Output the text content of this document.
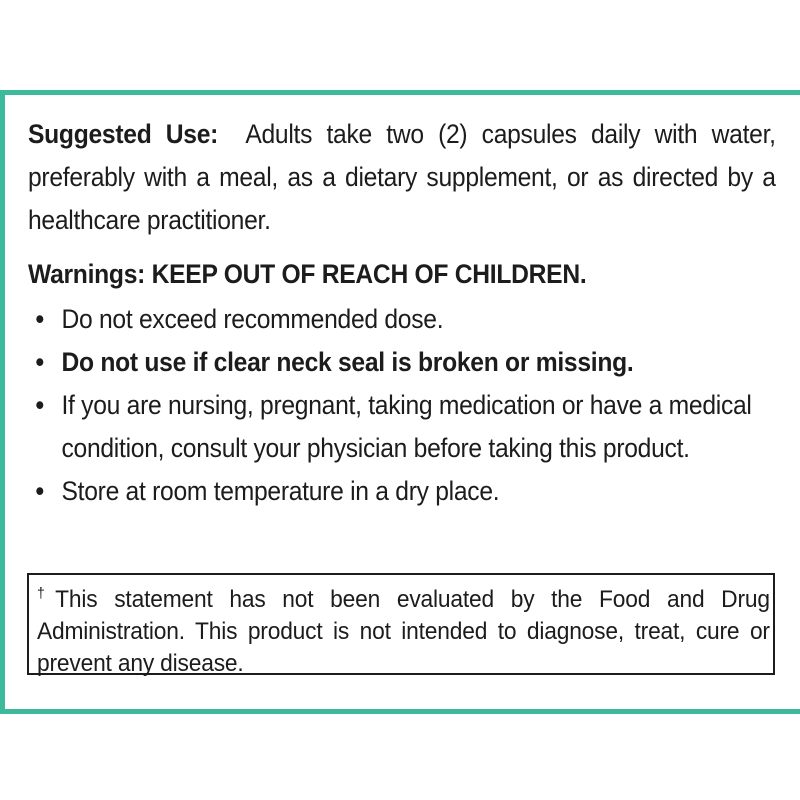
Suggested Use: Adults take two (2) capsules daily with water, preferably with a meal, as a dietary supplement, or as directed by a healthcare practitioner.
Warnings: KEEP OUT OF REACH OF CHILDREN.
• Do not exceed recommended dose.
• Do not use if clear neck seal is broken or missing.
• If you are nursing, pregnant, taking medication or have a medical condition, consult your physician before taking this product.
• Store at room temperature in a dry place.
†This statement has not been evaluated by the Food and Drug Administration. This product is not intended to diagnose, treat, cure or prevent any disease.
